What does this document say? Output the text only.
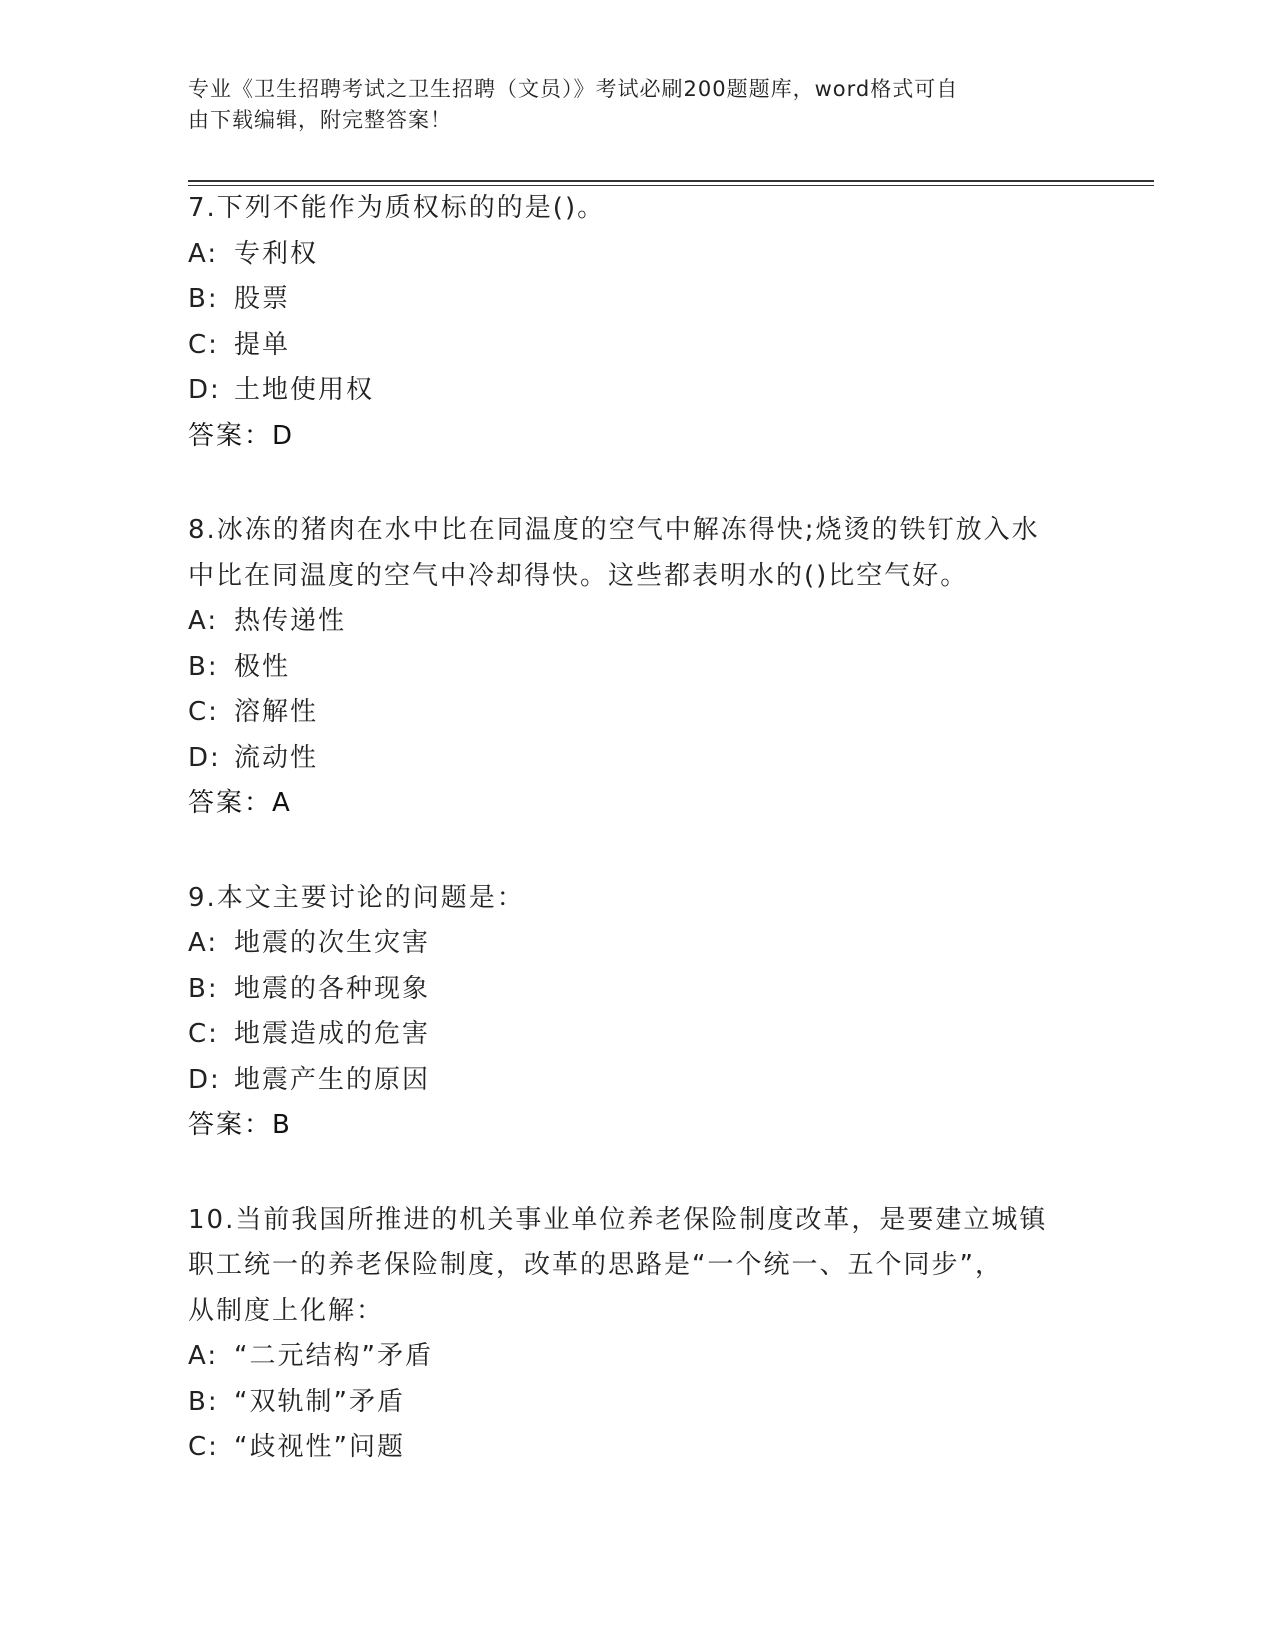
专业《卫生招聘考试之卫生招聘（文员）》考试必刷200题题库，word格式可自
由下载编辑，附完整答案！
7.下列不能作为质权标的的是()。
A: 专利权
B: 股票
C: 提单
D: 土地使用权
答案：D
8.冰冻的猪肉在水中比在同温度的空气中解冻得快;烧烫的铁钉放入水
中比在同温度的空气中冷却得快。这些都表明水的()比空气好。
A: 热传递性
B: 极性
C: 溶解性
D: 流动性
答案：A
9.本文主要讨论的问题是：
A: 地震的次生灾害
B: 地震的各种现象
C: 地震造成的危害
D: 地震产生的原因
答案：B
10.当前我国所推进的机关事业单位养老保险制度改革，是要建立城镇
职工统一的养老保险制度，改革的思路是“一个统一、五个同步”，
从制度上化解：
A: “二元结构”矛盾
B: “双轨制”矛盾
C: “歧视性”问题
